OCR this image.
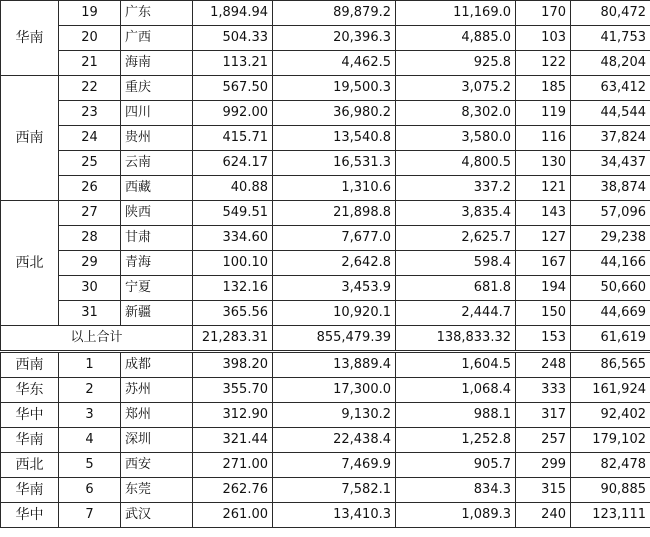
华南	19	广东	1,894.94	89,879.2	11,169.0	170	80,472
	20	广西	504.33	20,396.3	4,885.0	103	41,753
	21	海南	113.21	4,462.5	925.8	122	48,204
西南	22	重庆	567.50	19,500.3	3,075.2	185	63,412
	23	四川	992.00	36,980.2	8,302.0	119	44,544
	24	贵州	415.71	13,540.8	3,580.0	116	37,824
	25	云南	624.17	16,531.3	4,800.5	130	34,437
	26	西藏	40.88	1,310.6	337.2	121	38,874
西北	27	陕西	549.51	21,898.8	3,835.4	143	57,096
	28	甘肃	334.60	7,677.0	2,625.7	127	29,238
	29	青海	100.10	2,642.8	598.4	167	44,166
	30	宁夏	132.16	3,453.9	681.8	194	50,660
	31	新疆	365.56	10,920.1	2,444.7	150	44,669
以上合计			21,283.31	855,479.39	138,833.32	153	61,619
西南	1	成都	398.20	13,889.4	1,604.5	248	86,565
华东	2	苏州	355.70	17,300.0	1,068.4	333	161,924
华中	3	郑州	312.90	9,130.2	988.1	317	92,402
华南	4	深圳	321.44	22,438.4	1,252.8	257	179,102
西北	5	西安	271.00	7,469.9	905.7	299	82,478
华南	6	东莞	262.76	7,582.1	834.3	315	90,885
华中	7	武汉	261.00	13,410.3	1,089.3	240	123,111
